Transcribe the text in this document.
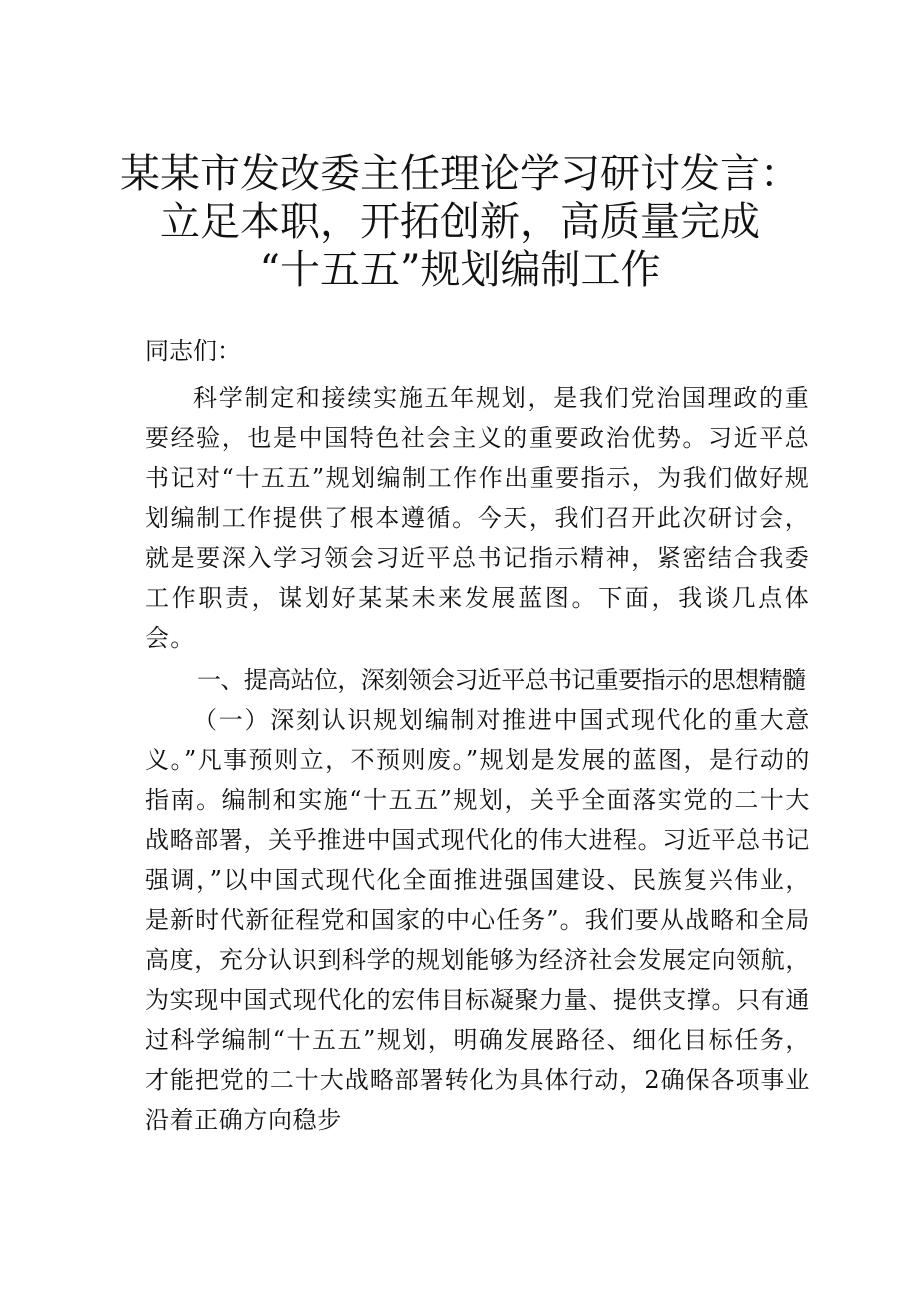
某某市发改委主任理论学习研讨发言：
立足本职，开拓创新，高质量完成
“十五五”规划编制工作

同志们：

科学制定和接续实施五年规划，是我们党治国理政的重要经验，也是中国特色社会主义的重要政治优势。习近平总书记对“十五五”规划编制工作作出重要指示，为我们做好规划编制工作提供了根本遵循。今天，我们召开此次研讨会，就是要深入学习领会习近平总书记指示精神，紧密结合我委工作职责，谋划好某某未来发展蓝图。下面，我谈几点体会。

一、提高站位，深刻领会习近平总书记重要指示的思想精髓

（一）深刻认识规划编制对推进中国式现代化的重大意义。”凡事预则立，不预则废。”规划是发展的蓝图，是行动的指南。编制和实施“十五五”规划，关乎全面落实党的二十大战略部署，关乎推进中国式现代化的伟大进程。习近平总书记强调，”以中国式现代化全面推进强国建设、民族复兴伟业，是新时代新征程党和国家的中心任务”。我们要从战略和全局高度，充分认识到科学的规划能够为经济社会发展定向领航，为实现中国式现代化的宏伟目标凝聚力量、提供支撑。只有通过科学编制“十五五”规划，明确发展路径、细化目标任务，才能把党的二十大战略部署转化为具体行动，2确保各项事业沿着正确方向稳步
